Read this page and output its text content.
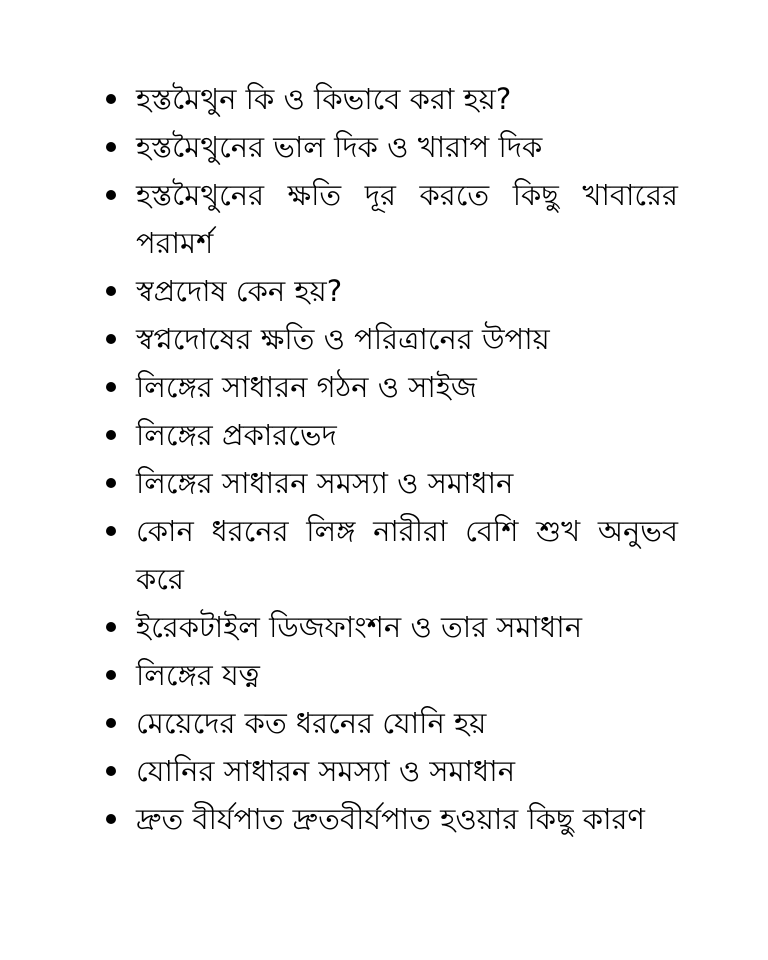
হস্তমৈথুন কি ও কিভাবে করা হয়?
হস্তমৈথুনের ভাল দিক ও খারাপ দিক
হস্তমৈথুনের ক্ষতি দূর করতে কিছু খাবারের পরামর্শ
স্বপ্রদোষ কেন হয়?
স্বপ্নদোষের ক্ষতি ও পরিত্রানের উপায়
লিঙ্গের সাধারন গঠন ও সাইজ
লিঙ্গের প্রকারভেদ
লিঙ্গের সাধারন সমস্যা ও সমাধান
কোন ধরনের লিঙ্গ নারীরা বেশি শুখ অনুভব করে
ইরেকটাইল ডিজফাংশন ও তার সমাধান
লিঙ্গের যত্ন
মেয়েদের কত ধরনের যোনি হয়
যোনির সাধারন সমস্যা ও সমাধান
দ্রুত বীর্যপাত দ্রুতবীর্যপাত হওয়ার কিছু কারণ
